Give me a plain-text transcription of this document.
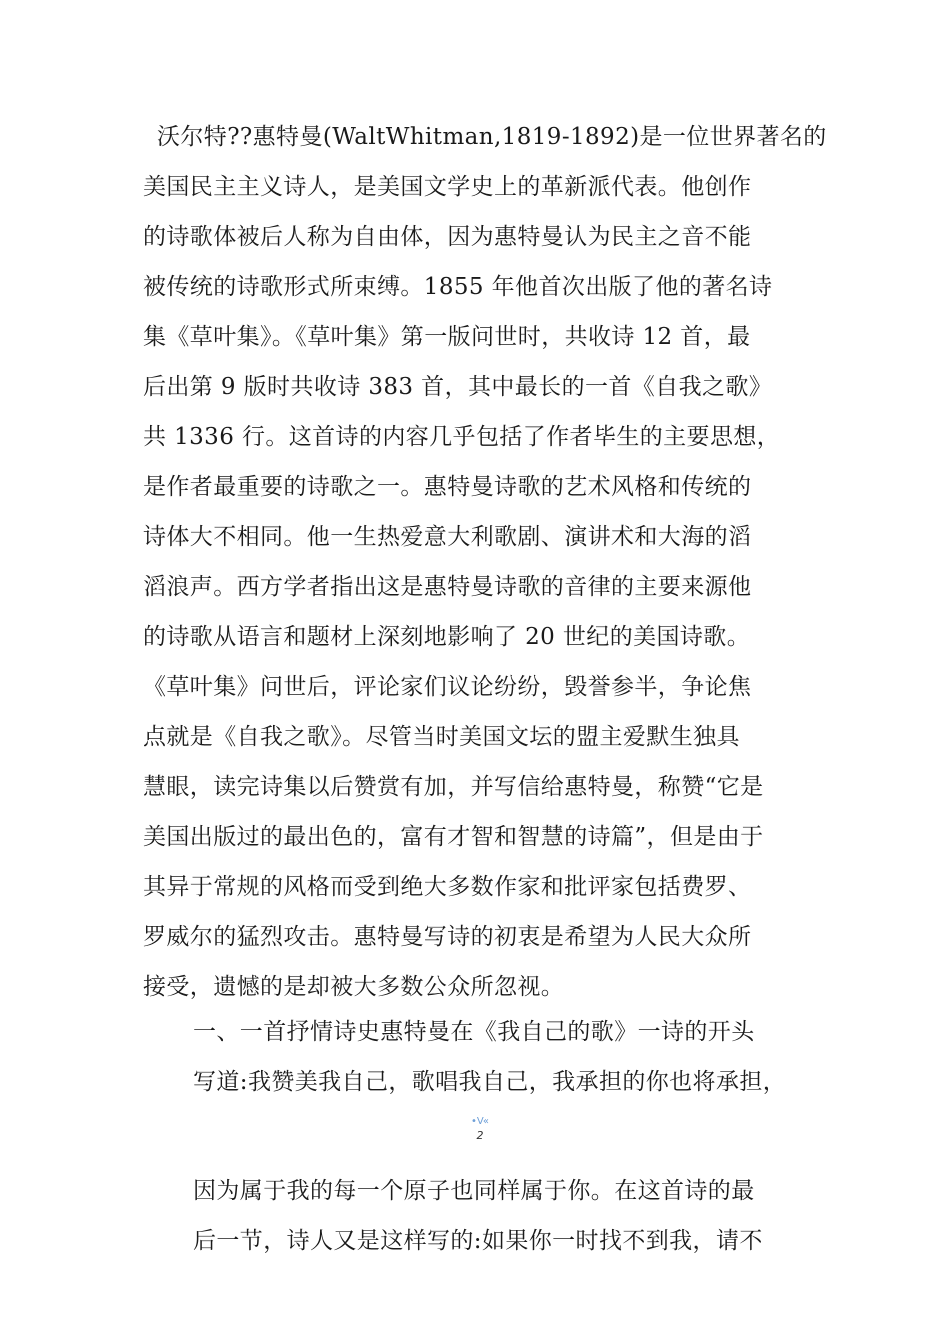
沃尔特??惠特曼(WaltWhitman,1819-1892)是一位世界著名的
美国民主主义诗人，是美国文学史上的革新派代表。他创作
的诗歌体被后人称为自由体，因为惠特曼认为民主之音不能
被传统的诗歌形式所束缚。1855 年他首次出版了他的著名诗
集《草叶集》。《草叶集》第一版问世时，共收诗 12 首，最
后出第 9 版时共收诗 383 首，其中最长的一首《自我之歌》
共 1336 行。这首诗的内容几乎包括了作者毕生的主要思想，
是作者最重要的诗歌之一。惠特曼诗歌的艺术风格和传统的
诗体大不相同。他一生热爱意大利歌剧、演讲术和大海的滔
滔浪声。西方学者指出这是惠特曼诗歌的音律的主要来源他
的诗歌从语言和题材上深刻地影响了 20 世纪的美国诗歌。
《草叶集》问世后，评论家们议论纷纷，毁誉参半，争论焦
点就是《自我之歌》。尽管当时美国文坛的盟主爱默生独具
慧眼，读完诗集以后赞赏有加，并写信给惠特曼，称赞“它是
美国出版过的最出色的，富有才智和智慧的诗篇”，但是由于
其异于常规的风格而受到绝大多数作家和批评家包括费罗、
罗威尔的猛烈攻击。惠特曼写诗的初衷是希望为人民大众所
接受，遗憾的是却被大多数公众所忽视。
一、一首抒情诗史惠特曼在《我自己的歌》一诗的开头
写道:我赞美我自己，歌唱我自己，我承担的你也将承担，
•V«
2
因为属于我的每一个原子也同样属于你。在这首诗的最
后一节，诗人又是这样写的:如果你一时找不到我，请不
